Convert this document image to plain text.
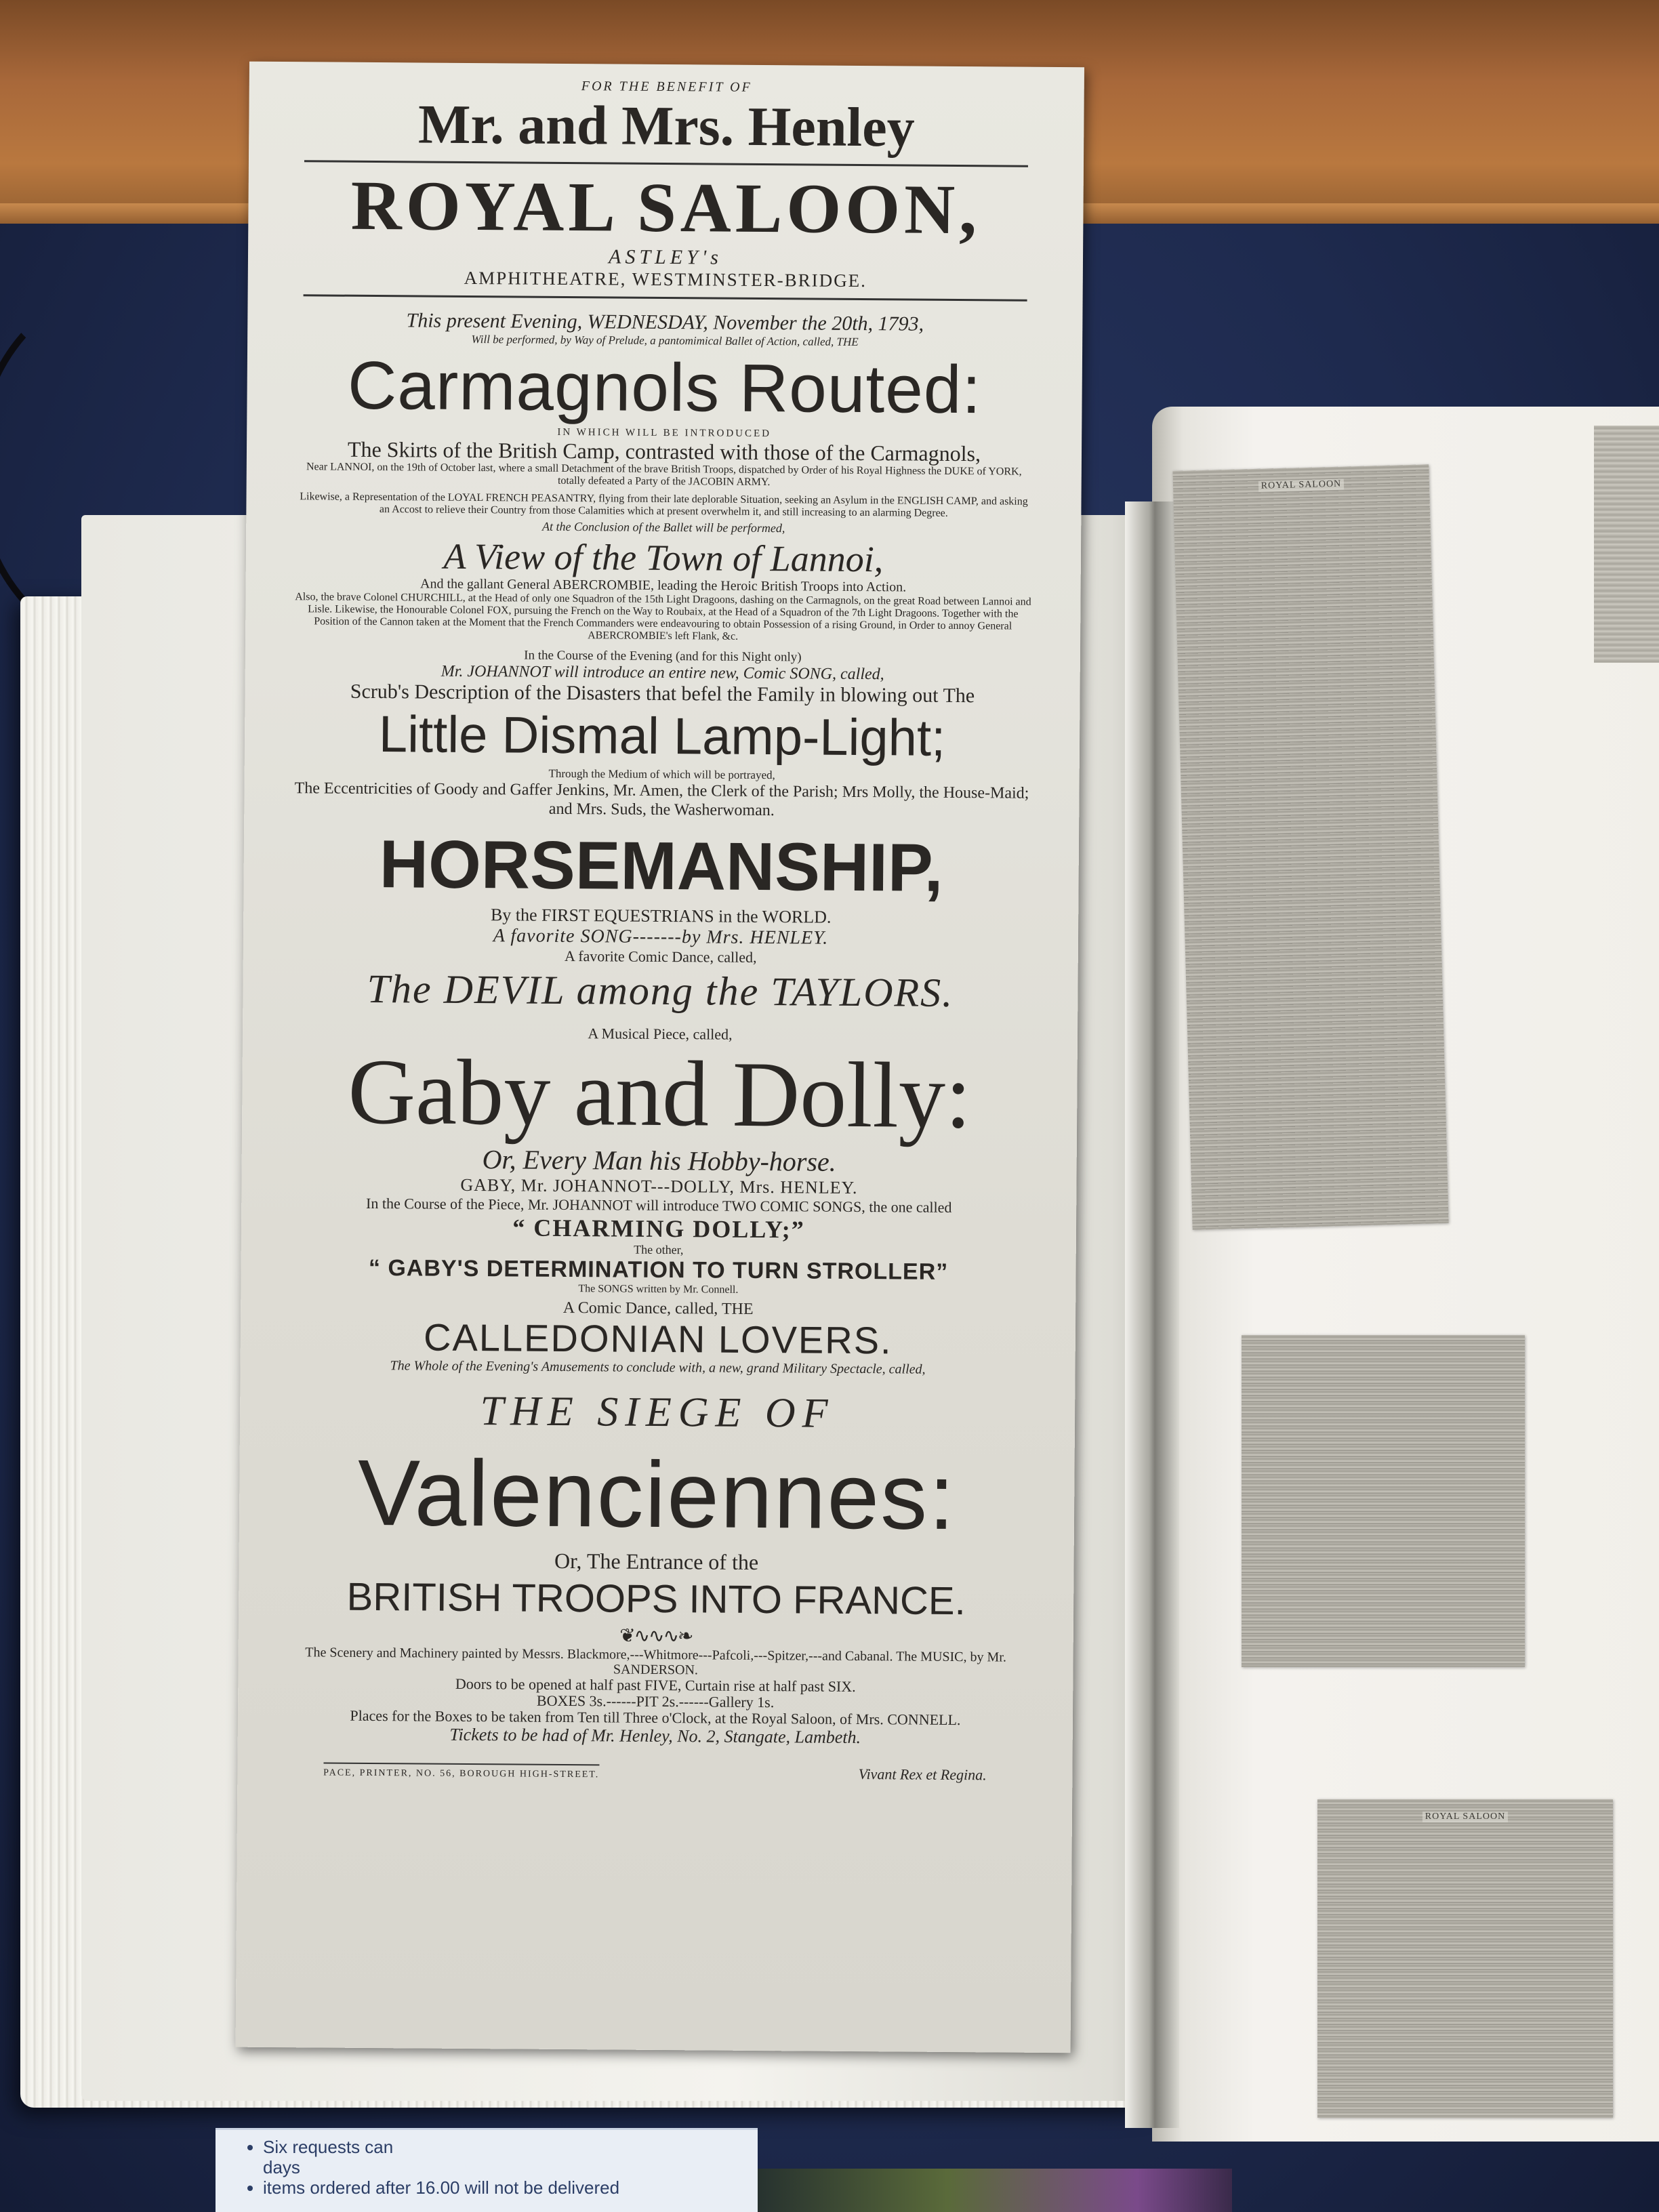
ROYAL SALOON
ROYAL SALOON
FOR THE BENEFIT OF
Mr. and Mrs. Henley
ROYAL SALOON,
ASTLEY's
AMPHITHEATRE, WESTMINSTER-BRIDGE.
This present Evening, WEDNESDAY, November the 20th, 1793,
Will be performed, by Way of Prelude, a pantomimical Ballet of Action, called, THE
Carmagnols Routed:
IN WHICH WILL BE INTRODUCED
The Skirts of the British Camp, contrasted with those of the Carmagnols,
Near LANNOI, on the 19th of October last, where a small Detachment of the brave British Troops, dispatched by Order of his Royal Highness the DUKE of YORK, totally defeated a Party of the JACOBIN ARMY.
Likewise, a Representation of the LOYAL FRENCH PEASANTRY, flying from their late deplorable Situation, seeking an Asylum in the ENGLISH CAMP, and asking an Accost to relieve their Country from those Calamities which at present overwhelm it, and still increasing to an alarming Degree.
At the Conclusion of the Ballet will be performed,
A View of the Town of Lannoi,
And the gallant General ABERCROMBIE, leading the Heroic British Troops into Action.
Also, the brave Colonel CHURCHILL, at the Head of only one Squadron of the 15th Light Dragoons, dashing on the Carmagnols, on the great Road between Lannoi and Lisle. Likewise, the Honourable Colonel FOX, pursuing the French on the Way to Roubaix, at the Head of a Squadron of the 7th Light Dragoons. Together with the Position of the Cannon taken at the Moment that the French Commanders were endeavouring to obtain Possession of a rising Ground, in Order to annoy General ABERCROMBIE's left Flank, &c.
In the Course of the Evening (and for this Night only)
Mr. JOHANNOT will introduce an entire new, Comic SONG, called,
Scrub's Description of the Disasters that befel the Family in blowing out The
Little Dismal Lamp-Light;
Through the Medium of which will be portrayed,
The Eccentricities of Goody and Gaffer Jenkins, Mr. Amen, the Clerk of the Parish; Mrs Molly, the House-Maid; and Mrs. Suds, the Washerwoman.
HORSEMANSHIP,
By the FIRST EQUESTRIANS in the WORLD.
A favorite SONG-------by Mrs. HENLEY.
A favorite Comic Dance, called,
The DEVIL among the TAYLORS.
A Musical Piece, called,
Gaby and Dolly:
Or, Every Man his Hobby-horse.
GABY, Mr. JOHANNOT---DOLLY, Mrs. HENLEY.
In the Course of the Piece, Mr. JOHANNOT will introduce TWO COMIC SONGS, the one called
“ CHARMING DOLLY;”
The other,
“ GABY'S DETERMINATION TO TURN STROLLER”
The SONGS written by Mr. Connell.
A Comic Dance, called, THE
CALLEDONIAN LOVERS.
The Whole of the Evening's Amusements to conclude with, a new, grand Military Spectacle, called,
THE SIEGE OF
Valenciennes:
Or, The Entrance of the
BRITISH TROOPS INTO FRANCE.
❦∿∿∿❧
The Scenery and Machinery painted by Messrs. Blackmore,---Whitmore---Pafcoli,---Spitzer,---and Cabanal. The MUSIC, by Mr. SANDERSON.
Doors to be opened at half past FIVE, Curtain rise at half past SIX.
BOXES 3s.------PIT 2s.------Gallery 1s.
Places for the Boxes to be taken from Ten till Three o'Clock, at the Royal Saloon, of Mrs. CONNELL.
Tickets to be had of Mr. Henley, No. 2, Stangate, Lambeth.
PACE, PRINTER, NO. 56, BOROUGH HIGH-STREET.	Vivant Rex et Regina.
• Six requests can
days
• items ordered after 16.00 will not be delivered
